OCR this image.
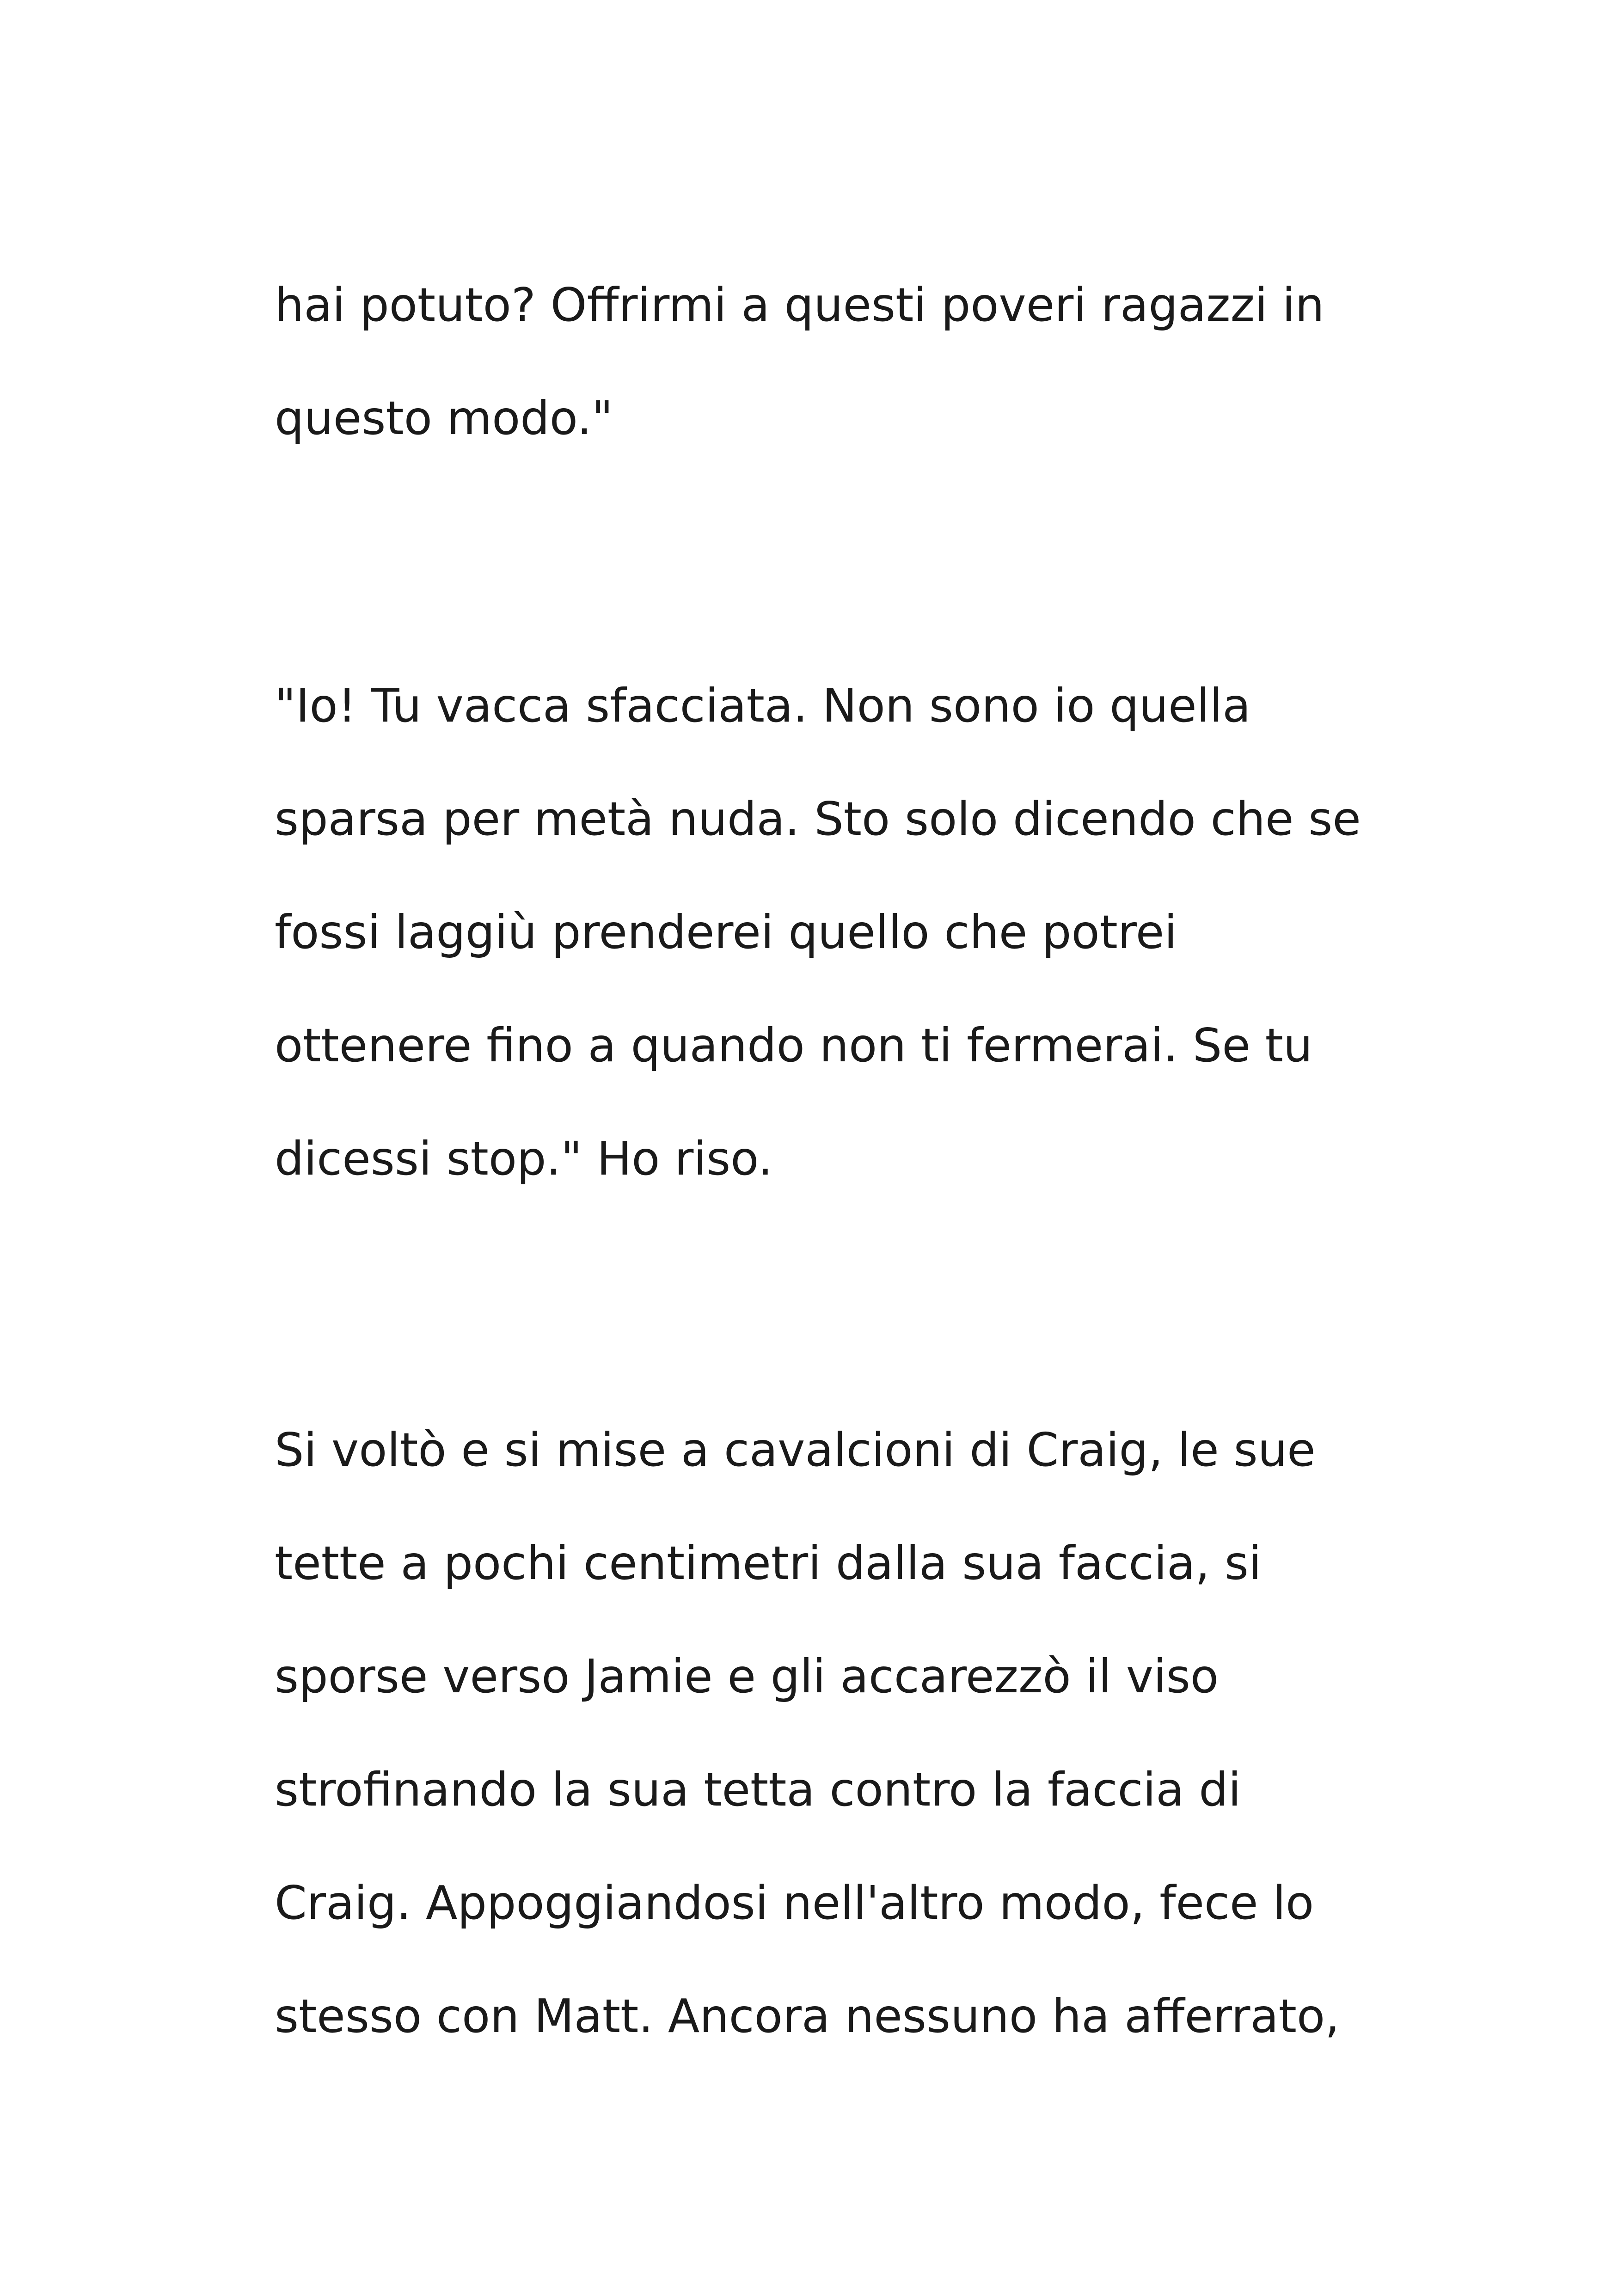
hai potuto? Offrirmi a questi poveri ragazzi in
questo modo."
"Io! Tu vacca sfacciata. Non sono io quella
sparsa per metà nuda. Sto solo dicendo che se
fossi laggiù prenderei quello che potrei
ottenere fino a quando non ti fermerai. Se tu
dicessi stop." Ho riso.
Si voltò e si mise a cavalcioni di Craig, le sue
tette a pochi centimetri dalla sua faccia, si
sporse verso Jamie e gli accarezzò il viso
strofinando la sua tetta contro la faccia di
Craig. Appoggiandosi nell'altro modo, fece lo
stesso con Matt. Ancora nessuno ha afferrato,
